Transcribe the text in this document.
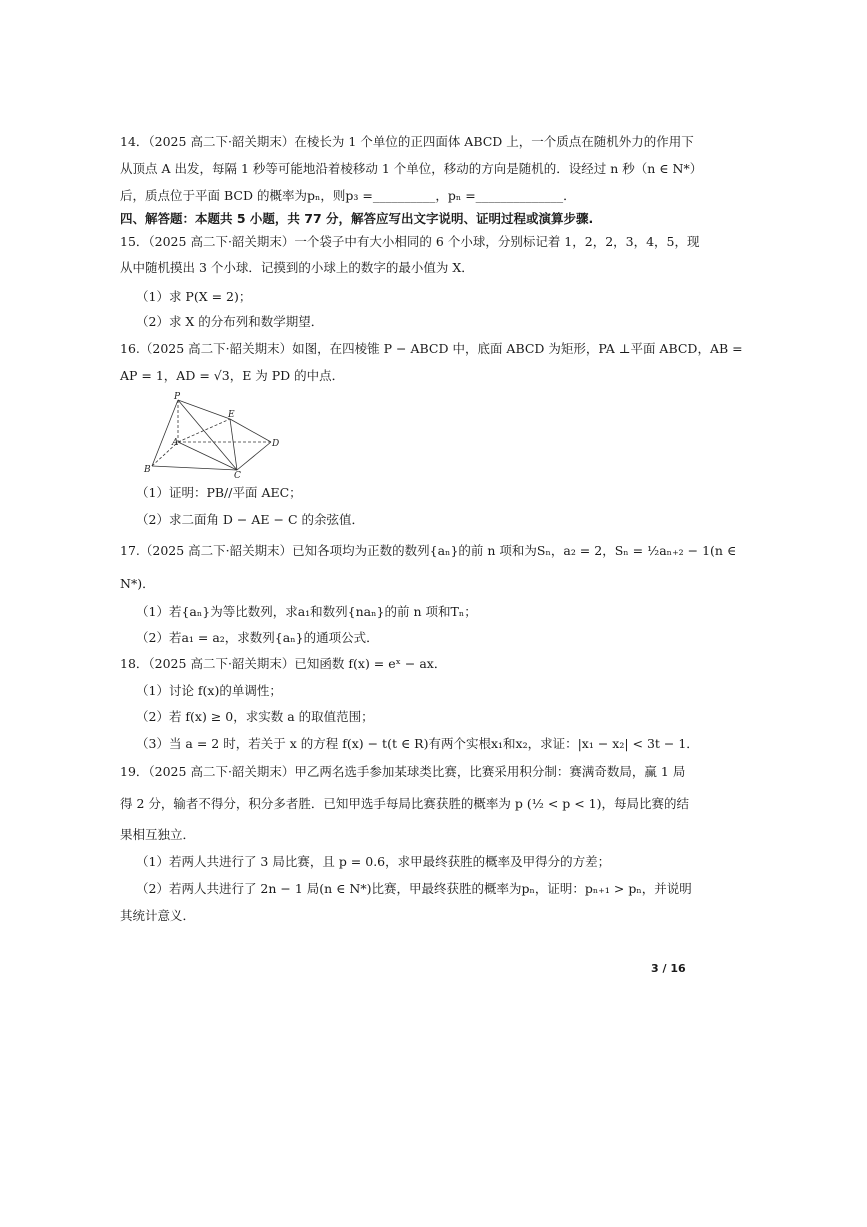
14．（2025 高二下·韶关期末）在棱长为 1 个单位的正四面体 ABCD 上，一个质点在随机外力的作用下
从顶点 A 出发，每隔 1 秒等可能地沿着棱移动 1 个单位，移动的方向是随机的．设经过 n 秒（n ∈ N*）
后，质点位于平面 BCD 的概率为pₙ，则p₃ =__________，pₙ =______________．
四、解答题：本题共 5 小题，共 77 分，解答应写出文字说明、证明过程或演算步骤.
15．（2025 高二下·韶关期末）一个袋子中有大小相同的 6 个小球，分别标记着 1，2，2，3，4，5，现
从中随机摸出 3 个小球．记摸到的小球上的数字的最小值为 X．
（1）求 P(X = 2)；
（2）求 X 的分布列和数学期望．
16.（2025 高二下·韶关期末）如图，在四棱锥 P − ABCD 中，底面 ABCD 为矩形，PA ⊥平面 ABCD，AB =
AP = 1，AD = √3，E 为 PD 的中点．
P
E
A	D
B
C
（1）证明：PB//平面 AEC；
（2）求二面角 D − AE − C 的余弦值．
17.（2025 高二下·韶关期末）已知各项均为正数的数列{aₙ}的前 n 项和为Sₙ，a₂ = 2，Sₙ = ½aₙ₊₂ − 1(n ∈
N*)．
（1）若{aₙ}为等比数列，求a₁和数列{naₙ}的前 n 项和Tₙ；
（2）若a₁ = a₂，求数列{aₙ}的通项公式．
18．（2025 高二下·韶关期末）已知函数 f(x) = eˣ − ax．
（1）讨论 f(x)的单调性；
（2）若 f(x) ≥ 0，求实数 a 的取值范围；
（3）当 a = 2 时，若关于 x 的方程 f(x) − t(t ∈ R)有两个实根x₁和x₂，求证：|x₁ − x₂| < 3t − 1．
19．（2025 高二下·韶关期末）甲乙两名选手参加某球类比赛，比赛采用积分制：赛满奇数局，赢 1 局
得 2 分，输者不得分，积分多者胜．已知甲选手每局比赛获胜的概率为 p (½ < p < 1)，每局比赛的结
果相互独立．
（1）若两人共进行了 3 局比赛，且 p = 0.6，求甲最终获胜的概率及甲得分的方差；
（2）若两人共进行了 2n − 1 局(n ∈ N*)比赛，甲最终获胜的概率为pₙ，证明：pₙ₊₁ > pₙ，并说明
其统计意义．
3 / 16
